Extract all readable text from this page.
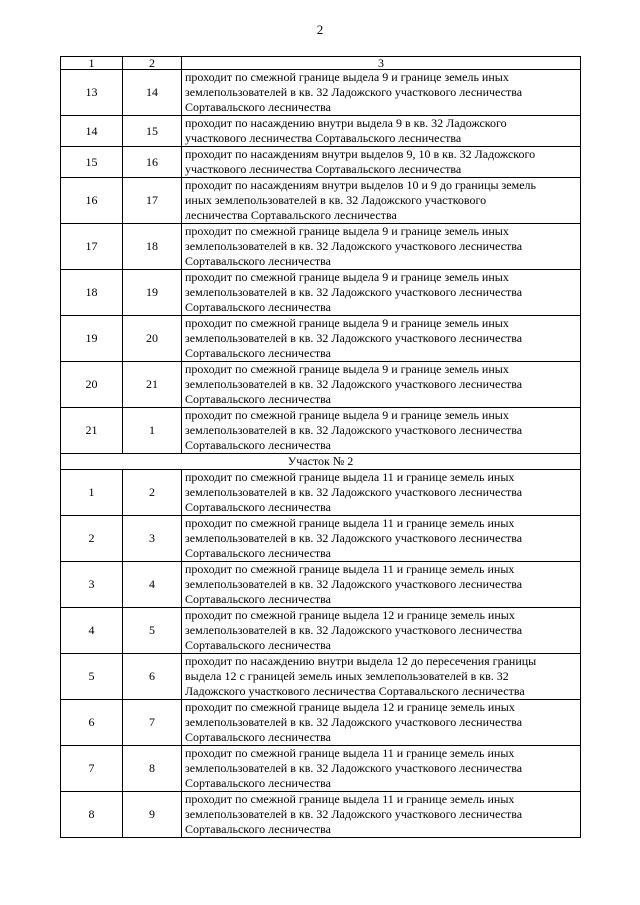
2
1	2	3
13	14	проходит по смежной границе выдела 9 и границе земель иных
землепользователей в кв. 32 Ладожского участкового лесничества
Сортавальского лесничества

14	15	проходит по насаждению внутри выдела 9 в кв. 32 Ладожского
участкового лесничества Сортавальского лесничества

15	16	проходит по насаждениям внутри выделов 9, 10 в кв. 32 Ладожского
участкового лесничества Сортавальского лесничества

16	17	проходит по насаждениям внутри выделов 10 и 9 до границы земель
иных землепользователей в кв. 32 Ладожского участкового
лесничества Сортавальского лесничества

17	18	проходит по смежной границе выдела 9 и границе земель иных
землепользователей в кв. 32 Ладожского участкового лесничества
Сортавальского лесничества

18	19	проходит по смежной границе выдела 9 и границе земель иных
землепользователей в кв. 32 Ладожского участкового лесничества
Сортавальского лесничества

19	20	проходит по смежной границе выдела 9 и границе земель иных
землепользователей в кв. 32 Ладожского участкового лесничества
Сортавальского лесничества

20	21	проходит по смежной границе выдела 9 и границе земель иных
землепользователей в кв. 32 Ладожского участкового лесничества
Сортавальского лесничества

21	1	проходит по смежной границе выдела 9 и границе земель иных
землепользователей в кв. 32 Ладожского участкового лесничества
Сортавальского лесничества

Участок № 2		
1	2	проходит по смежной границе выдела 11 и границе земель иных
землепользователей в кв. 32 Ладожского участкового лесничества
Сортавальского лесничества

2	3	проходит по смежной границе выдела 11 и границе земель иных
землепользователей в кв. 32 Ладожского участкового лесничества
Сортавальского лесничества

3	4	проходит по смежной границе выдела 11 и границе земель иных
землепользователей в кв. 32 Ладожского участкового лесничества
Сортавальского лесничества

4	5	проходит по смежной границе выдела 12 и границе земель иных
землепользователей в кв. 32 Ладожского участкового лесничества
Сортавальского лесничества

5	6	проходит по насаждению внутри выдела 12 до пересечения границы
выдела 12 с границей земель иных землепользователей в кв. 32
Ладожского участкового лесничества Сортавальского лесничества

6	7	проходит по смежной границе выдела 12 и границе земель иных
землепользователей в кв. 32 Ладожского участкового лесничества
Сортавальского лесничества

7	8	проходит по смежной границе выдела 11 и границе земель иных
землепользователей в кв. 32 Ладожского участкового лесничества
Сортавальского лесничества

8	9	проходит по смежной границе выдела 11 и границе земель иных
землепользователей в кв. 32 Ладожского участкового лесничества
Сортавальского лесничества
